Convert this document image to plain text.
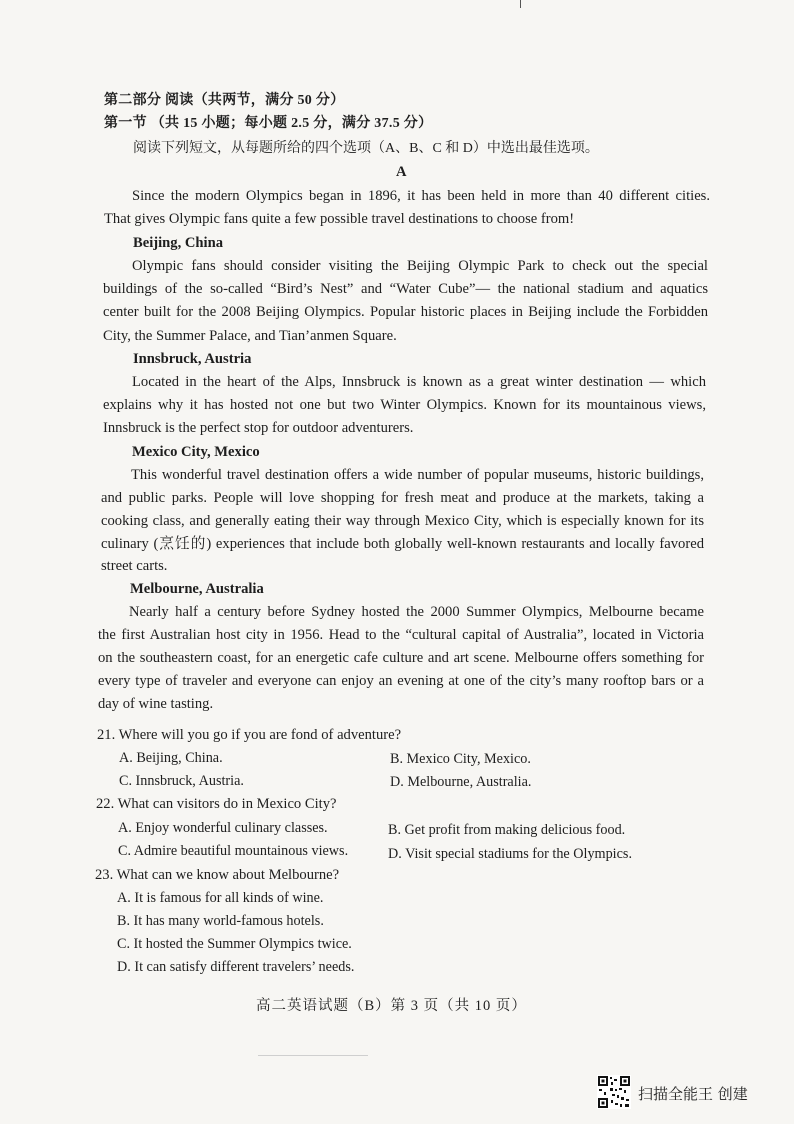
第二部分 阅读（共两节，满分 50 分）

第一节 （共 15 小题；每小题 2.5 分，满分 37.5 分）

阅读下列短文，从每题所给的四个选项（A、B、C 和 D）中选出最佳选项。

A

Since the modern Olympics began in 1896, it has been held in more than 40 different cities.

That gives Olympic fans quite a few possible travel destinations to choose from!

Beijing, China

Olympic fans should consider visiting the Beijing Olympic Park to check out the special

buildings of the so-called “Bird’s Nest” and “Water Cube”— the national stadium and aquatics

center built for the 2008 Beijing Olympics. Popular historic places in Beijing include the Forbidden

City, the Summer Palace, and Tian’anmen Square.

Innsbruck, Austria

Located in the heart of the Alps, Innsbruck is known as a great winter destination — which

explains why it has hosted not one but two Winter Olympics. Known for its mountainous views,

Innsbruck is the perfect stop for outdoor adventurers.

Mexico City, Mexico

This wonderful travel destination offers a wide number of popular museums, historic buildings,

and public parks. People will love shopping for fresh meat and produce at the markets, taking a

cooking class, and generally eating their way through Mexico City, which is especially known for its

culinary (烹饪的) experiences that include both globally well-known restaurants and locally favored

street carts.

Melbourne, Australia

Nearly half a century before Sydney hosted the 2000 Summer Olympics, Melbourne became

the first Australian host city in 1956. Head to the “cultural capital of Australia”, located in Victoria

on the southeastern coast, for an energetic cafe culture and art scene. Melbourne offers something for

every type of traveler and everyone can enjoy an evening at one of the city’s many rooftop bars or a

day of wine tasting.

21. Where will you go if you are fond of adventure?

A. Beijing, China.	B. Mexico City, Mexico.

C. Innsbruck, Austria.	D. Melbourne, Australia.

22. What can visitors do in Mexico City?

A. Enjoy wonderful culinary classes.	B. Get profit from making delicious food.

C. Admire beautiful mountainous views.	D. Visit special stadiums for the Olympics.

23. What can we know about Melbourne?

A. It is famous for all kinds of wine.

B. It has many world-famous hotels.

C. It hosted the Summer Olympics twice.

D. It can satisfy different travelers’ needs.

高二英语试题（B）第 3 页（共 10 页）

扫描全能王 创建
